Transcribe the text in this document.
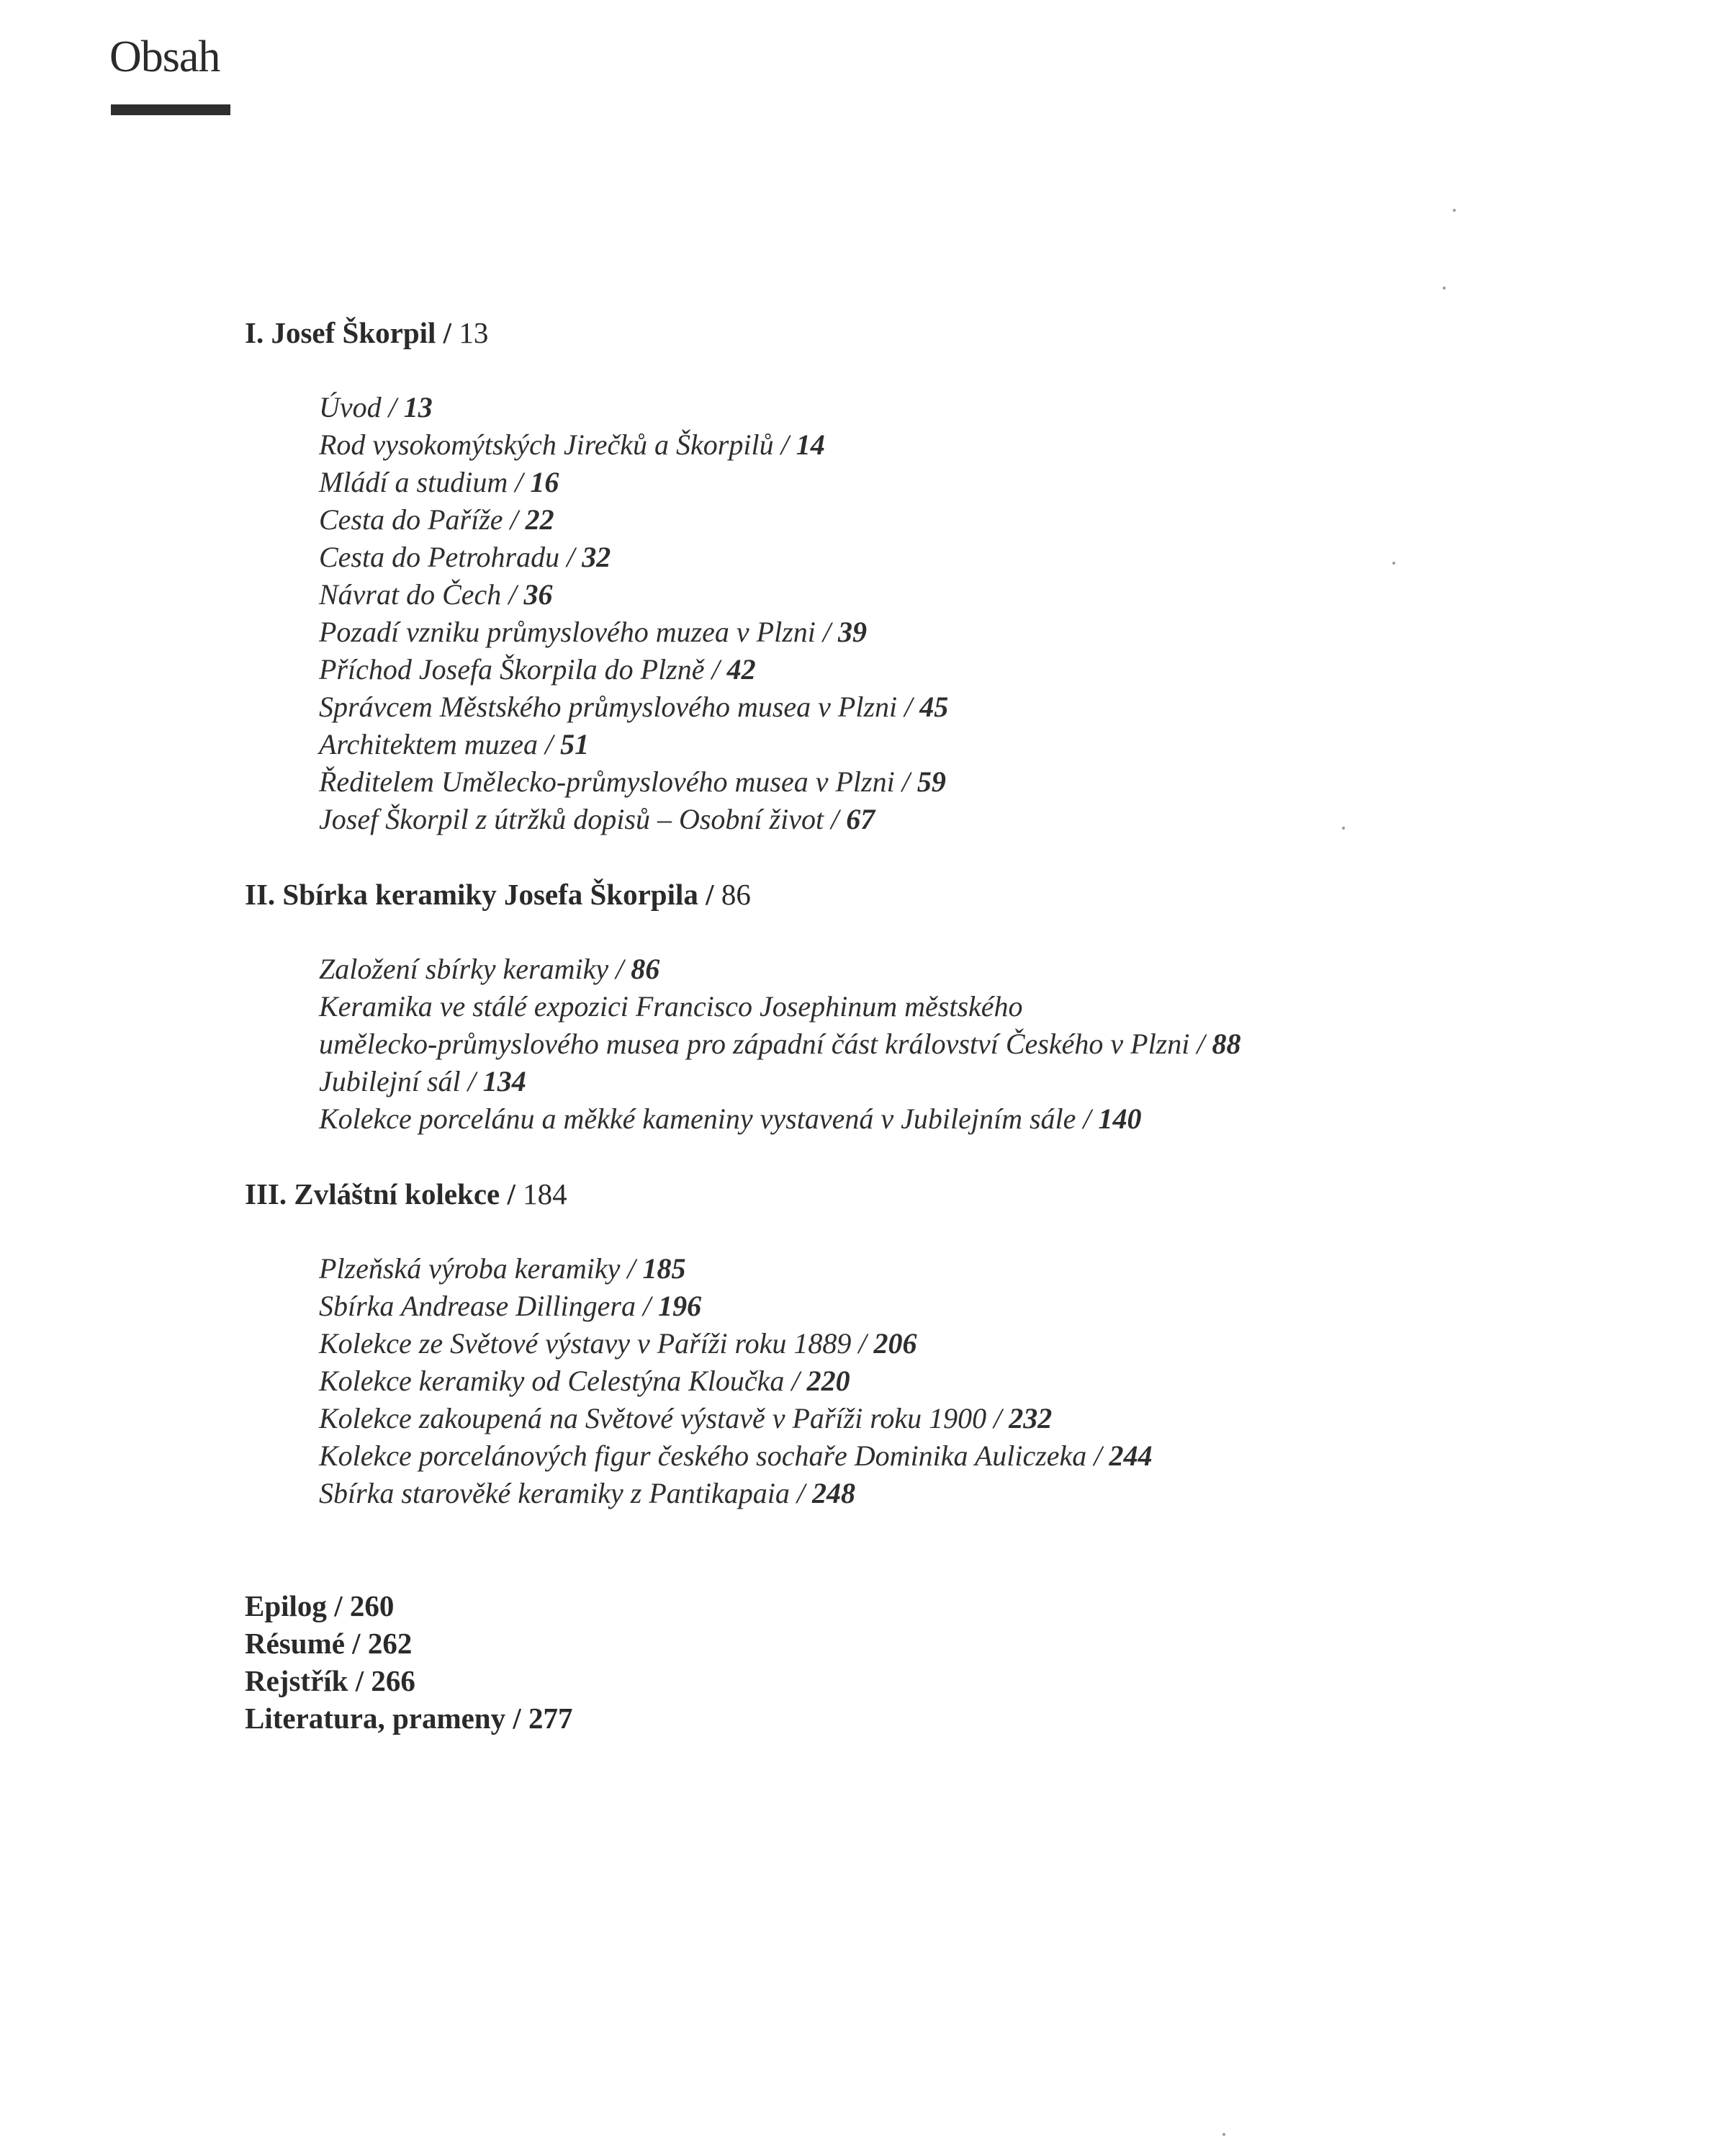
Obsah
I. Josef Škorpil / 13
Úvod / 13
Rod vysokomýtských Jirečků a Škorpilů / 14
Mládí a studium / 16
Cesta do Paříže / 22
Cesta do Petrohradu / 32
Návrat do Čech / 36
Pozadí vzniku průmyslového muzea v Plzni / 39
Příchod Josefa Škorpila do Plzně / 42
Správcem Městského průmyslového musea v Plzni / 45
Architektem muzea / 51
Ředitelem Umělecko-průmyslového musea v Plzni / 59
Josef Škorpil z útržků dopisů – Osobní život / 67
II. Sbírka keramiky Josefa Škorpila / 86
Založení sbírky keramiky / 86
Keramika ve stálé expozici Francisco Josephinum městského
umělecko-průmyslového musea pro západní část království Českého v Plzni / 88
Jubilejní sál / 134
Kolekce porcelánu a měkké kameniny vystavená v Jubilejním sále / 140
III. Zvláštní kolekce / 184
Plzeňská výroba keramiky / 185
Sbírka Andrease Dillingera / 196
Kolekce ze Světové výstavy v Paříži roku 1889 / 206
Kolekce keramiky od Celestýna Kloučka / 220
Kolekce zakoupená na Světové výstavě v Paříži roku 1900 / 232
Kolekce porcelánových figur českého sochaře Dominika Auliczeka / 244
Sbírka starověké keramiky z Pantikapaia / 248
Epilog / 260
Résumé / 262
Rejstřík / 266
Literatura, prameny / 277
